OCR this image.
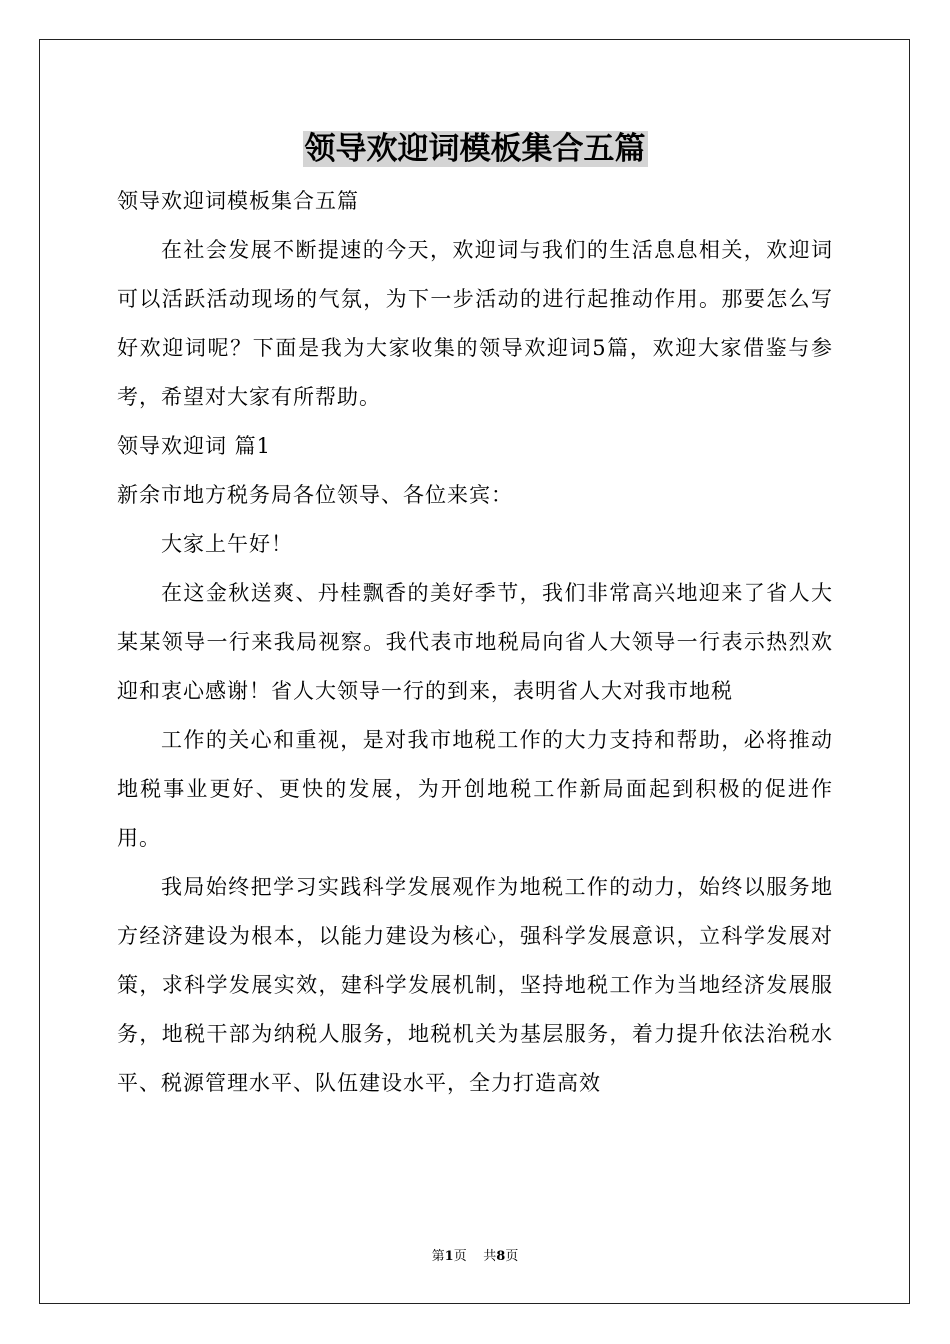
领导欢迎词模板集合五篇

领导欢迎词模板集合五篇

在社会发展不断提速的今天，欢迎词与我们的生活息息相关，欢迎词可以活跃活动现场的气氛，为下一步活动的进行起推动作用。那要怎么写好欢迎词呢？下面是我为大家收集的领导欢迎词5篇，欢迎大家借鉴与参考，希望对大家有所帮助。

领导欢迎词 篇1

新余市地方税务局各位领导、各位来宾：

大家上午好！

在这金秋送爽、丹桂飘香的美好季节，我们非常高兴地迎来了省人大某某领导一行来我局视察。我代表市地税局向省人大领导一行表示热烈欢迎和衷心感谢！省人大领导一行的到来，表明省人大对我市地税

工作的关心和重视，是对我市地税工作的大力支持和帮助，必将推动地税事业更好、更快的发展，为开创地税工作新局面起到积极的促进作用。

我局始终把学习实践科学发展观作为地税工作的动力，始终以服务地方经济建设为根本，以能力建设为核心，强科学发展意识，立科学发展对策，求科学发展实效，建科学发展机制，坚持地税工作为当地经济发展服务，地税干部为纳税人服务，地税机关为基层服务，着力提升依法治税水平、税源管理水平、队伍建设水平，全力打造高效

第1页 共8页
